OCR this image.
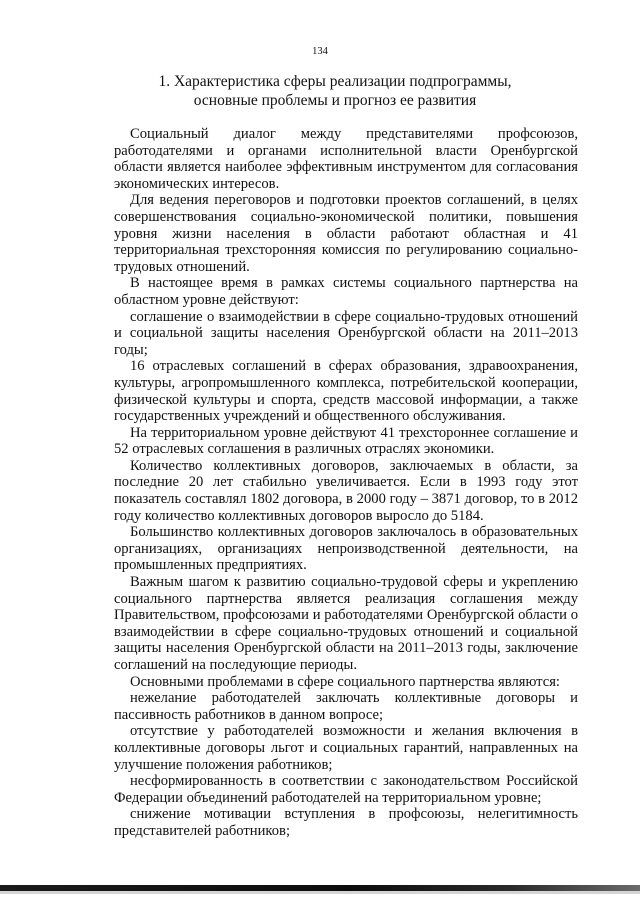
134
1. Характеристика сферы реализации подпрограммы,
основные проблемы и прогноз ее развития

Социальный диалог между представителями профсоюзов, работодателями и органами исполнительной власти Оренбургской области является наиболее эффективным инструментом для согласования экономических интересов.

Для ведения переговоров и подготовки проектов соглашений, в целях совершенствования социально-экономической политики, повышения уровня жизни населения в области работают областная и 41 территориальная трехсторонняя комиссия по регулированию социально-трудовых отношений.

В настоящее время в рамках системы социального партнерства на областном уровне действуют:

соглашение о взаимодействии в сфере социально-трудовых отношений и социальной защиты населения Оренбургской области на 2011–2013 годы;

16 отраслевых соглашений в сферах образования, здравоохранения, культуры, агропромышленного комплекса, потребительской кооперации, физической культуры и спорта, средств массовой информации, а также государственных учреждений и общественного обслуживания.

На территориальном уровне действуют 41 трехстороннее соглашение и 52 отраслевых соглашения в различных отраслях экономики.

Количество коллективных договоров, заключаемых в области, за последние 20 лет стабильно увеличивается. Если в 1993 году этот показатель составлял 1802 договора, в 2000 году – 3871 договор, то в 2012 году количество коллективных договоров выросло до 5184.

Большинство коллективных договоров заключалось в образовательных организациях, организациях непроизводственной деятельности, на промышленных предприятиях.

Важным шагом к развитию социально-трудовой сферы и укреплению социального партнерства является реализация соглашения между Правительством, профсоюзами и работодателями Оренбургской области о взаимодействии в сфере социально-трудовых отношений и социальной защиты населения Оренбургской области на 2011–2013 годы, заключение соглашений на последующие периоды.

Основными проблемами в сфере социального партнерства являются:

нежелание работодателей заключать коллективные договоры и пассивность работников в данном вопросе;

отсутствие у работодателей возможности и желания включения в коллективные договоры льгот и социальных гарантий, направленных на улучшение положения работников;

несформированность в соответствии с законодательством Российской Федерации объединений работодателей на территориальном уровне;

снижение мотивации вступления в профсоюзы, нелегитимность представителей работников;
